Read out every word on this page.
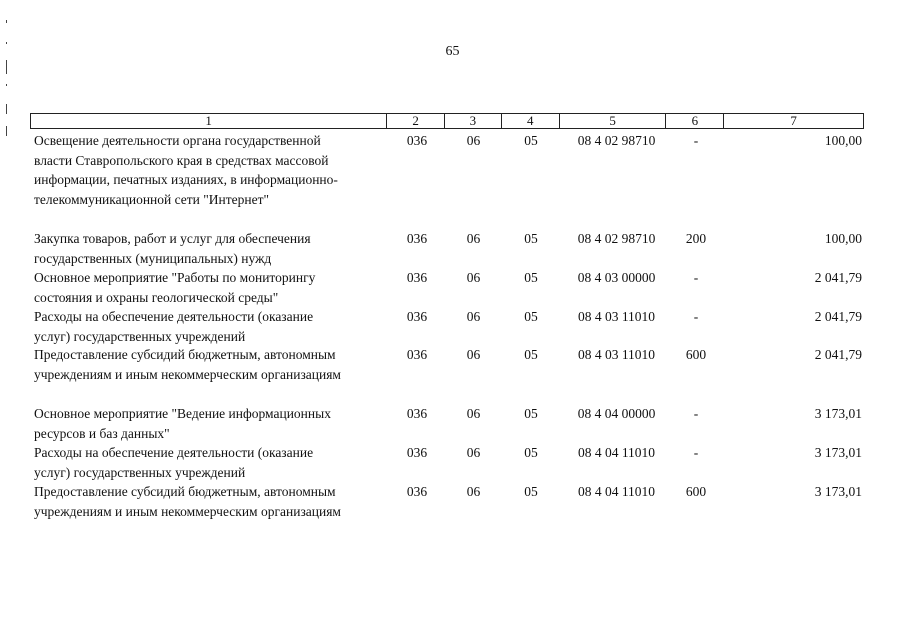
65
1	2	3	4	5	6	7
Освещение деятельности органа государственной
власти Ставропольского края в средствах массовой
информации, печатных изданиях, в информационно-
телекоммуникационной сети "Интернет"
036	06	05	08 4 02 98710	-	100,00
Закупка товаров, работ и услуг для обеспечения
государственных (муниципальных) нужд
036	06	05	08 4 02 98710	200	100,00
Основное мероприятие "Работы по мониторингу
состояния и охраны геологической среды"
036	06	05	08 4 03 00000	-	2 041,79
Расходы на обеспечение деятельности (оказание
услуг) государственных учреждений
036	06	05	08 4 03 11010	-	2 041,79
Предоставление субсидий бюджетным, автономным
учреждениям и иным некоммерческим организациям
036	06	05	08 4 03 11010	600	2 041,79
Основное мероприятие "Ведение информационных
ресурсов и баз данных"
036	06	05	08 4 04 00000	-	3 173,01
Расходы на обеспечение деятельности (оказание
услуг) государственных учреждений
036	06	05	08 4 04 11010	-	3 173,01
Предоставление субсидий бюджетным, автономным
учреждениям и иным некоммерческим организациям
036	06	05	08 4 04 11010	600	3 173,01
